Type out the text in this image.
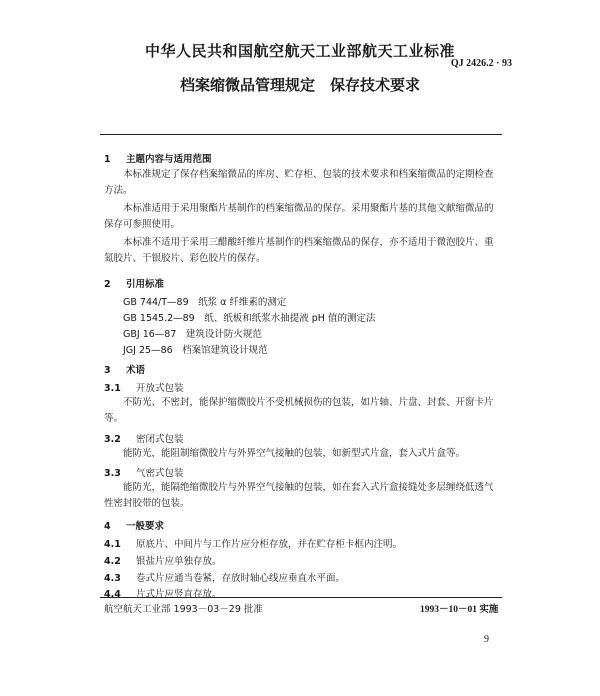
中华人民共和国航空航天工业部航天工业标准
QJ 2426.2 · 93
档案缩微品管理规定　保存技术要求
1 主题内容与适用范围
本标准规定了保存档案缩微品的库房、贮存柜、包装的技术要求和档案缩微品的定期检查方法。
本标准适用于采用聚酯片基制作的档案缩微品的保存。采用聚酯片基的其他文献缩微品的保存可参照使用。
本标准不适用于采用三醋酸纤维片基制作的档案缩微品的保存，亦不适用于微泡胶片、重氮胶片、干银胶片、彩色胶片的保存。
2 引用标准
GB 744/T—89　纸浆 α 纤维素的测定
GB 1545.2—89　纸、纸板和纸浆水抽提液 pH 值的测定法
GBJ 16—87　建筑设计防火规范
JGJ 25—86　档案馆建筑设计规范
3 术语
3.1 开放式包装
不防光、不密封，能保护缩微胶片不受机械损伤的包装，如片轴、片盘、封套、开窗卡片等。
3.2 密闭式包装
能防光，能阻制缩微胶片与外界空气接触的包装，如新型式片盒，套入式片盒等。
3.3 气密式包装
能防光，能隔绝缩微胶片与外界空气接触的包装，如在套入式片盒接缝处多层缠绕低透气性密封胶带的包装。
4 一般要求
4.1 原底片、中间片与工作片应分柜存放，并在贮存柜卡框内注明。
4.2 银盐片应单独存放。
4.3 卷式片应通当卷紧，存放时轴心线应垂直水平面。
4.4 片式片应竖直存放。
航空航天工业部 1993－03－29 批准	1993－10－01 实施
9
